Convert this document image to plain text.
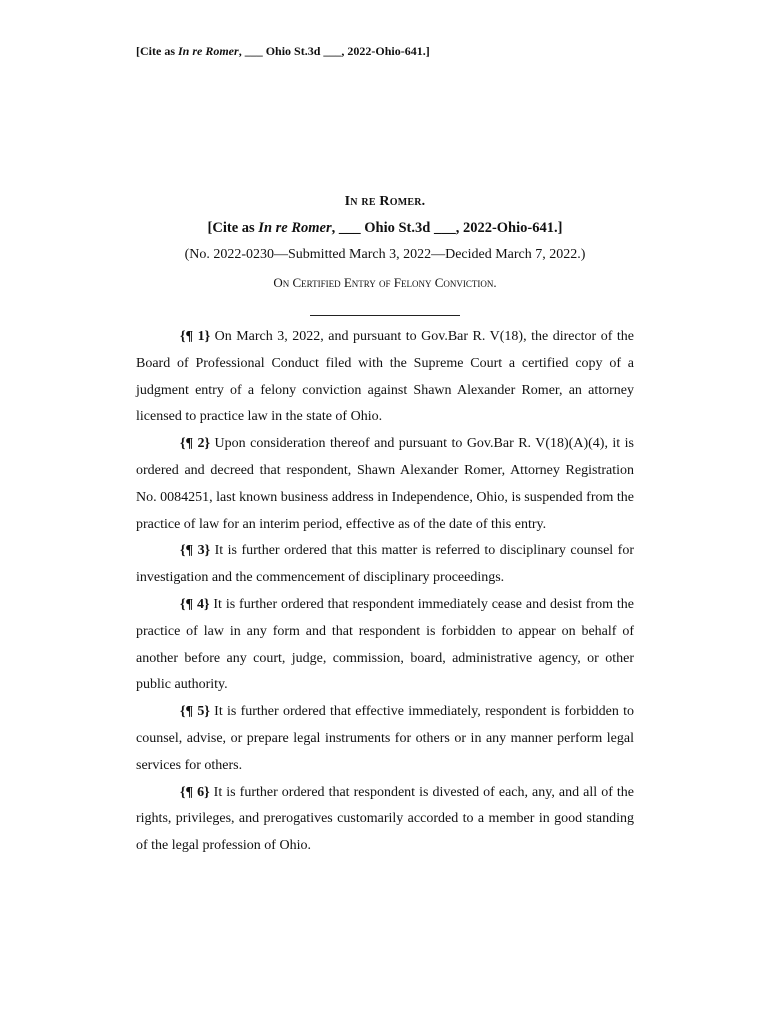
[Cite as In re Romer, ___ Ohio St.3d ___, 2022-Ohio-641.]
In re Romer.
[Cite as In re Romer, ___ Ohio St.3d ___, 2022-Ohio-641.]
(No. 2022-0230—Submitted March 3, 2022—Decided March 7, 2022.)
On Certified Entry of Felony Conviction.

{¶ 1} On March 3, 2022, and pursuant to Gov.Bar R. V(18), the director of the Board of Professional Conduct filed with the Supreme Court a certified copy of a judgment entry of a felony conviction against Shawn Alexander Romer, an attorney licensed to practice law in the state of Ohio.

{¶ 2} Upon consideration thereof and pursuant to Gov.Bar R. V(18)(A)(4), it is ordered and decreed that respondent, Shawn Alexander Romer, Attorney Registration No. 0084251, last known business address in Independence, Ohio, is suspended from the practice of law for an interim period, effective as of the date of this entry.

{¶ 3} It is further ordered that this matter is referred to disciplinary counsel for investigation and the commencement of disciplinary proceedings.

{¶ 4} It is further ordered that respondent immediately cease and desist from the practice of law in any form and that respondent is forbidden to appear on behalf of another before any court, judge, commission, board, administrative agency, or other public authority.

{¶ 5} It is further ordered that effective immediately, respondent is forbidden to counsel, advise, or prepare legal instruments for others or in any manner perform legal services for others.

{¶ 6} It is further ordered that respondent is divested of each, any, and all of the rights, privileges, and prerogatives customarily accorded to a member in good standing of the legal profession of Ohio.
